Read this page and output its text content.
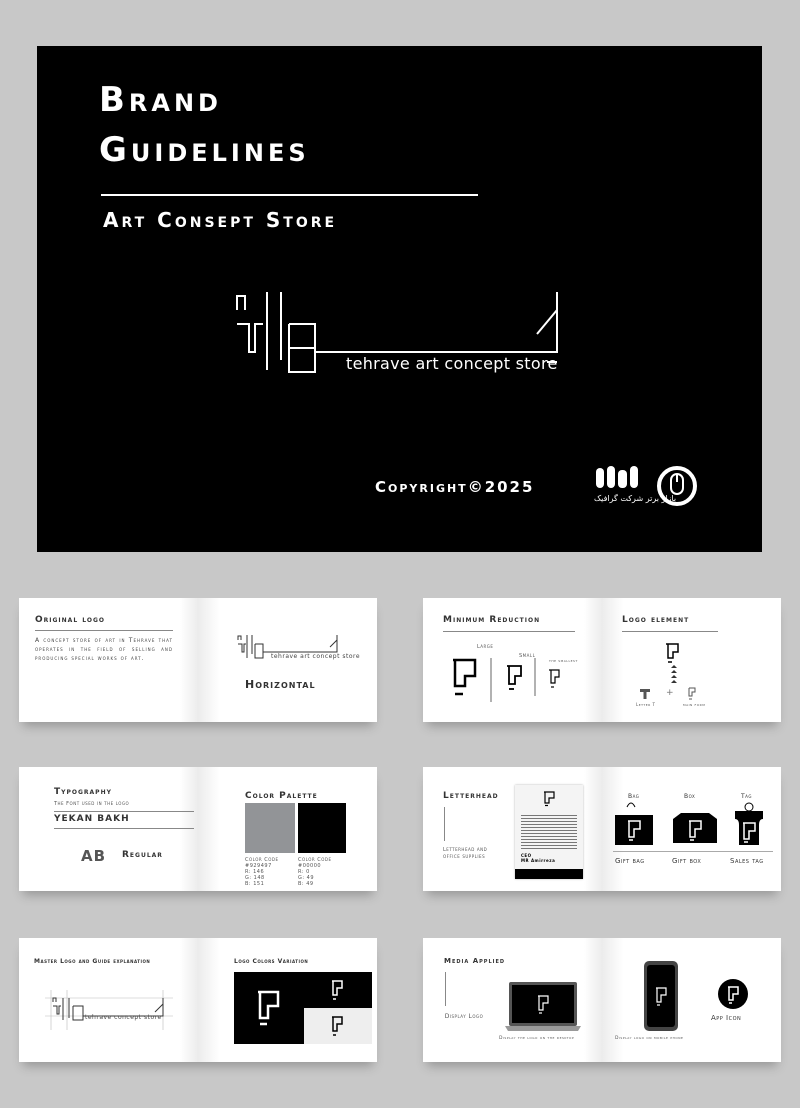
Brand
Guidelines
Art Consept Store
tehrave art concept store
Copyright©2025
بازار برتر شرکت گرافیک
Original logo
A concept store of art in Tehrave that operates in the field of selling and producing special works of art.	tehrave art concept store
Horizontal
Minimum Reduction
Large
Small
the smallest
Logo element
+
Letter T	main form
Typography
The Font used in the logo
YEKAN BAKH
AB Regular
Color Palette
Color Code
#929497
R: 146
G: 148
B: 151
Color Code
#00000
R: 0
G: 49
B: 49
Letterhead
Letterhead and office supplies	CEO
MR Amirreza
Bag	Box	Tag
Gift bag	Gift box	Sales tag
Master Logo and Guide explanation
tehrave concept store
Logo Colors Variation	Media Applied
Display Logo
Display the logo on the desktop	Display logo on mobile phone
App Icon
